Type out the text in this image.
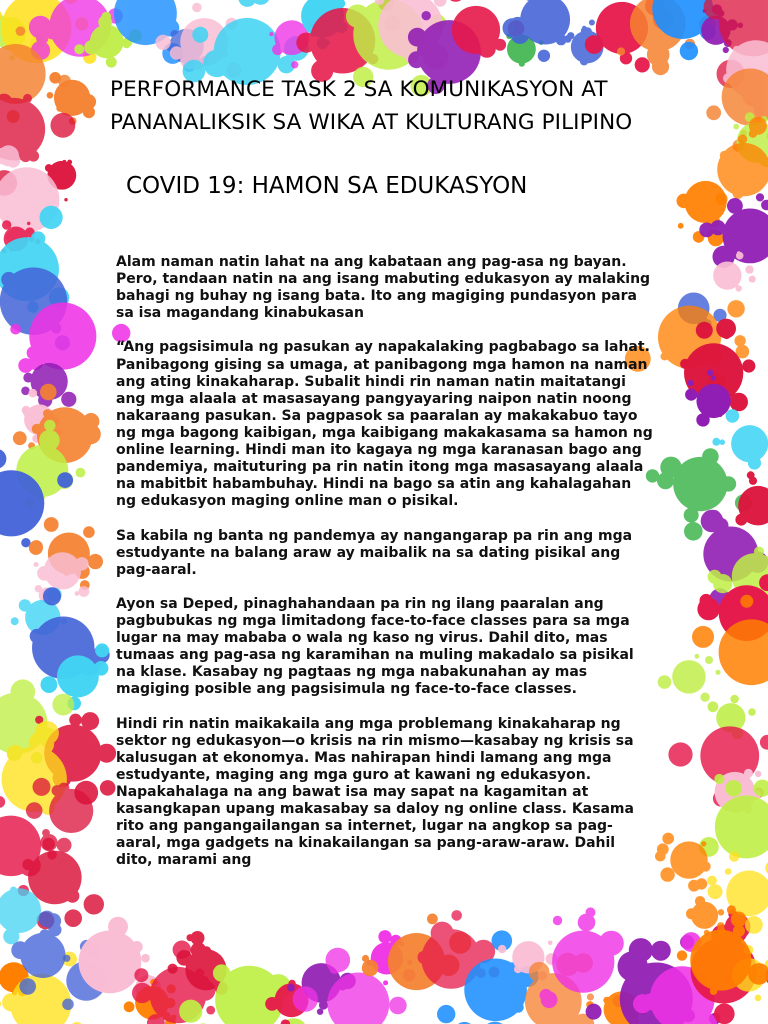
PERFORMANCE TASK 2 SA KOMUNIKASYON AT
PANANALIKSIK SA WIKA AT KULTURANG PILIPINO
COVID 19: HAMON SA EDUKASYON

Alam naman natin lahat na ang kabataan ang pag-asa ng bayan. Pero, tandaan natin na ang isang mabuting edukasyon ay malaking bahagi ng buhay ng isang bata. Ito ang magiging pundasyon para sa isa magandang kinabukasan

“Ang pagsisimula ng pasukan ay napakalaking pagbabago sa lahat. Panibagong gising sa umaga, at panibagong mga hamon na naman ang ating kinakaharap. Subalit hindi rin naman natin maitatangi ang mga alaala at masasayang pangyayaring naipon natin noong nakaraang pasukan. Sa pagpasok sa paaralan ay makakabuo tayo ng mga bagong kaibigan, mga kaibigang makakasama sa hamon ng online learning. Hindi man ito kagaya ng mga karanasan bago ang pandemiya, maituturing pa rin natin itong mga masasayang alaala na mabitbit habambuhay. Hindi na bago sa atin ang kahalagahan ng edukasyon maging online man o pisikal.

Sa kabila ng banta ng pandemya ay nangangarap pa rin ang mga estudyante na balang araw ay maibalik na sa dating pisikal ang pag-aaral.

Ayon sa Deped, pinaghahandaan pa rin ng ilang paaralan ang pagbubukas ng mga limitadong face-to-face classes para sa mga lugar na may mababa o wala ng kaso ng virus. Dahil dito, mas tumaas ang pag-asa ng karamihan na muling makadalo sa pisikal na klase. Kasabay ng pagtaas ng mga nabakunahan ay mas magiging posible ang pagsisimula ng face-to-face classes.

Hindi rin natin maikakaila ang mga problemang kinakaharap ng sektor ng edukasyon—o krisis na rin mismo—kasabay ng krisis sa kalusugan at ekonomya. Mas nahirapan hindi lamang ang mga estudyante, maging ang mga guro at kawani ng edukasyon. Napakahalaga na ang bawat isa may sapat na kagamitan at kasangkapan upang makasabay sa daloy ng online class. Kasama rito ang pangangailangan sa internet, lugar na angkop sa pag-aaral, mga gadgets na kinakailangan sa pang-araw-araw. Dahil dito, marami ang
